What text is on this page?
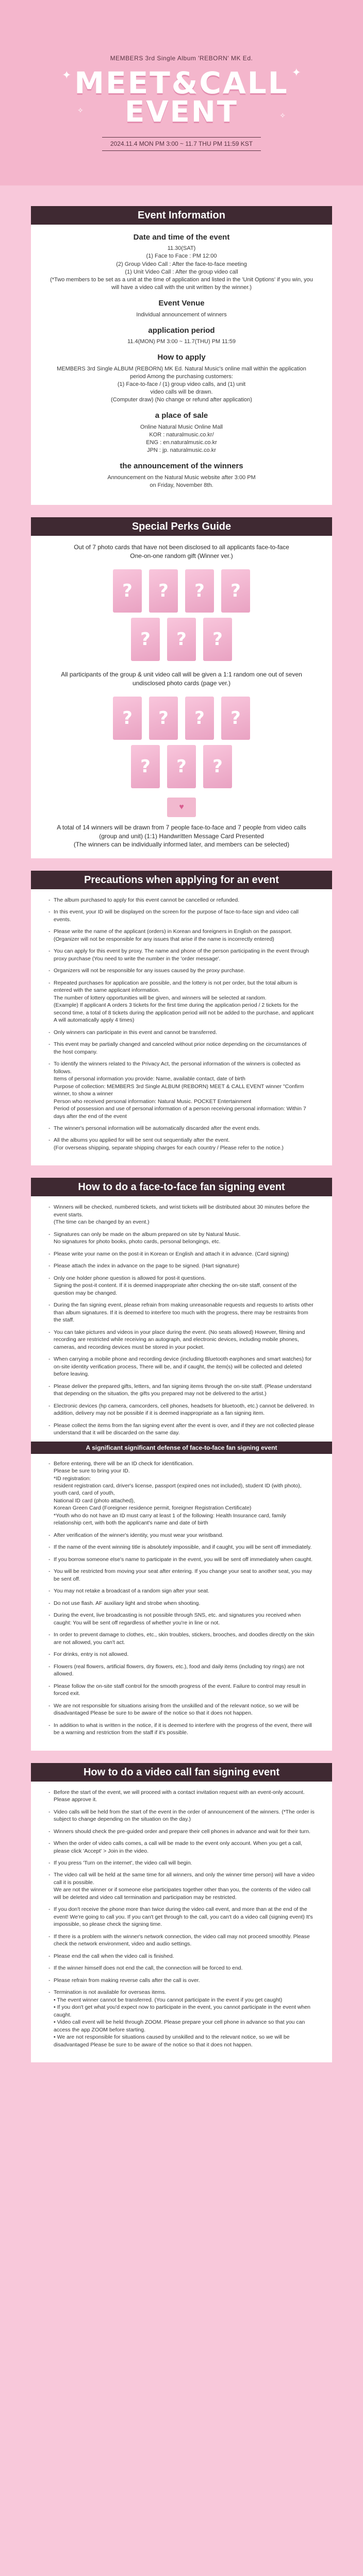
✦	✦
✧
✧
MEMBERS 3rd Single Album 'REBORN' MK Ed.
MEET&CALL
EVENT
2024.11.4 MON PM 3:00 ~ 11.7 THU PM 11:59 KST
Event Information
Date and time of the event

11.30(SAT)
(1) Face to Face : PM 12:00
(2) Group Video Call : After the face-to-face meeting
(1) Unit Video Call : After the group video call
(*Two members to be set as a unit at the time of application and listed in the 'Unit Options' if you win, you will have a video call with the unit written by the winner.)

Event Venue

Individual announcement of winners

application period

11.4(MON) PM 3:00 ~ 11.7(THU) PM 11:59

How to apply

MEMBERS 3rd Single ALBUM (REBORN) MK Ed. Natural Music's online mall within the application period Among the purchasing customers:
(1) Face-to-face / (1) group video calls, and (1) unit
video calls will be drawn.
(Computer draw) (No change or refund after application)

a place of sale

Online Natural Music Online Mall
KOR : naturalmusic.co.kr/
ENG : en.naturalmusic.co.kr
JPN : jp. naturalmusic.co.kr

the announcement of the winners

Announcement on the Natural Music website after 3:00 PM
on Friday, November 8th.

Special Perks Guide

Out of 7 photo cards that have not been disclosed to all applicants face-to-face
One-on-one random gift (Winner ver.)

?	?	?	?
?	?	?

All participants of the group & unit video call will be given a 1:1 random one out of seven undisclosed photo cards (page ver.)

?	?	?	?
?	?	?
♥

A total of 14 winners will be drawn from 7 people face-to-face and 7 people from video calls (group and unit) (1:1) Handwritten Message Card Presented
(The winners can be individually informed later, and members can be selected)

Precautions when applying for an event
- The album purchased to apply for this event cannot be cancelled or refunded.
- In this event, your ID will be displayed on the screen for the purpose of face-to-face sign and video call events.
- Please write the name of the applicant (orders) in Korean and foreigners in English on the passport. (Organizer will not be responsible for any issues that arise if the name is incorrectly entered)
- You can apply for this event by proxy. The name and phone of the person participating in the event through proxy purchase (You need to write the number in the 'order message'.
- Organizers will not be responsible for any issues caused by the proxy purchase.
- Repeated purchases for application are possible, and the lottery is not per order, but the total album is entered with the same applicant information.
The number of lottery opportunities will be given, and winners will be selected at random.
(Example) If applicant A orders 3 tickets for the first time during the application period / 2 tickets for the second time, a total of 8 tickets during the application period will not be added to the purchase, and applicant A will automatically apply 4 times)
- Only winners can participate in this event and cannot be transferred.
- This event may be partially changed and canceled without prior notice depending on the circumstances of the host company.
- To identify the winners related to the Privacy Act, the personal information of the winners is collected as follows.
Items of personal information you provide: Name, available contact, date of birth
Purpose of collection: MEMBERS 3rd Single ALBUM (REBORN) MEET & CALL EVENT winner "Confirm winner, to show a winner
Person who received personal information: Natural Music. POCKET Entertainment
Period of possession and use of personal information of a person receiving personal information: Within 7 days after the end of the event
- The winner's personal information will be automatically discarded after the event ends.
- All the albums you applied for will be sent out sequentially after the event.
(For overseas shipping, separate shipping charges for each country / Please refer to the notice.)
How to do a face-to-face fan signing event
- Winners will be checked, numbered tickets, and wrist tickets will be distributed about 30 minutes before the event starts.
(The time can be changed by an event.)
- Signatures can only be made on the album prepared on site by Natural Music.
No signatures for photo books, photo cards, personal belongings, etc.
- Please write your name on the post-it in Korean or English and attach it in advance. (Card signing)
- Please attach the index in advance on the page to be signed. (Hart signature)
- Only one holder phone question is allowed for post-it questions.
Signing the post-it content. If it is deemed inappropriate after checking the on-site staff, consent of the question may be changed.
- During the fan signing event, please refrain from making unreasonable requests and requests to artists other than album signatures. If it is deemed to interfere too much with the progress, there may be restraints from the staff.
- You can take pictures and videos in your place during the event. (No seats allowed) However, filming and recording are restricted while receiving an autograph, and electronic devices, including mobile phones, cameras, and recording devices must be stored in your pocket.
- When carrying a mobile phone and recording device (including Bluetooth earphones and smart watches) for on-site identity verification process, There will be, and if caught, the item(s) will be collected and deleted before leaving.
- Please deliver the prepared gifts, letters, and fan signing items through the on-site staff. (Please understand that depending on the situation, the gifts you prepared may not be delivered to the artist.)
- Electronic devices (hp camera, camcorders, cell phones, headsets for bluetooth, etc.) cannot be delivered. In addition, delivery may not be possible if it is deemed inappropriate as a fan signing item.
- Please collect the items from the fan signing event after the event is over, and if they are not collected please understand that it will be discarded on the same day.
A significant significant defense of face-to-face fan signing event
- Before entering, there will be an ID check for identification.
Please be sure to bring your ID.
*ID registration:
resident registration card, driver's license, passport (expired ones not included), student ID (with photo), youth card, card of youth,
National ID card (photo attached),
Korean Green Card (Foreigner residence permit, foreigner Registration Certificate)
*Youth who do not have an ID must carry at least 1 of the following: Health Insurance card, family relationship cert, with both the applicant's name and date of birth
- After verification of the winner's identity, you must wear your wristband.
- If the name of the event winning title is absolutely impossible, and if caught, you will be sent off immediately.
- If you borrow someone else's name to participate in the event, you will be sent off immediately when caught.
- You will be restricted from moving your seat after entering. If you change your seat to another seat, you may be sent off.
- You may not retake a broadcast of a random sign after your seat.
- Do not use flash. AF auxiliary light and strobe when shooting.
- During the event, live broadcasting is not possible through SNS, etc. and signatures you received when caught: You will be sent off regardless of whether you're in line or not.
- In order to prevent damage to clothes, etc., skin troubles, stickers, brooches, and doodles directly on the skin are not allowed, you can't act.
- For drinks, entry is not allowed.
- Flowers (real flowers, artificial flowers, dry flowers, etc.), food and daily items (including toy rings) are not allowed.
- Please follow the on-site staff control for the smooth progress of the event. Failure to control may result in forced exit.
- We are not responsible for situations arising from the unskilled and of the relevant notice, so we will be disadvantaged Please be sure to be aware of the notice so that it does not happen.
- In addition to what is written in the notice, if it is deemed to interfere with the progress of the event, there will be a warning and restriction from the staff if it's possible.
How to do a video call fan signing event
- Before the start of the event, we will proceed with a contact invitation request with an event-only account. Please approve it.
- Video calls will be held from the start of the event in the order of announcement of the winners. (*The order is subject to change depending on the situation on the day.)
- Winners should check the pre-guided order and prepare their cell phones in advance and wait for their turn.
- When the order of video calls comes, a call will be made to the event only account. When you get a call, please click 'Accept' > Join in the video.
- If you press 'Turn on the internet', the video call will begin.
- The video call will be held at the same time for all winners, and only the winner time person) will have a video call it is possible.
We are not the winner or if someone else participates together other than you, the contents of the video call will be deleted and video call termination and participation may be restricted.
- If you don't receive the phone more than twice during the video call event, and more than at the end of the event! We're going to call you. If you can't get through to the call, you can't do a video call (signing event) It's impossible, so please check the signing time.
- If there is a problem with the winner's network connection, the video call may not proceed smoothly. Please check the network environment, video and audio settings.
- Please end the call when the video call is finished.
- If the winner himself does not end the call, the connection will be forced to end.
- Please refrain from making reverse calls after the call is over.
- Termination is not available for overseas items.
• The event winner cannot be transferred. (You cannot participate in the event if you get caught)
• If you don't get what you'd expect now to participate in the event, you cannot participate in the event when caught.
• Video call event will be held through ZOOM. Please prepare your cell phone in advance so that you can access the app ZOOM before starting.
• We are not responsible for situations caused by unskilled and to the relevant notice, so we will be disadvantaged Please be sure to be aware of the notice so that it does not happen.
